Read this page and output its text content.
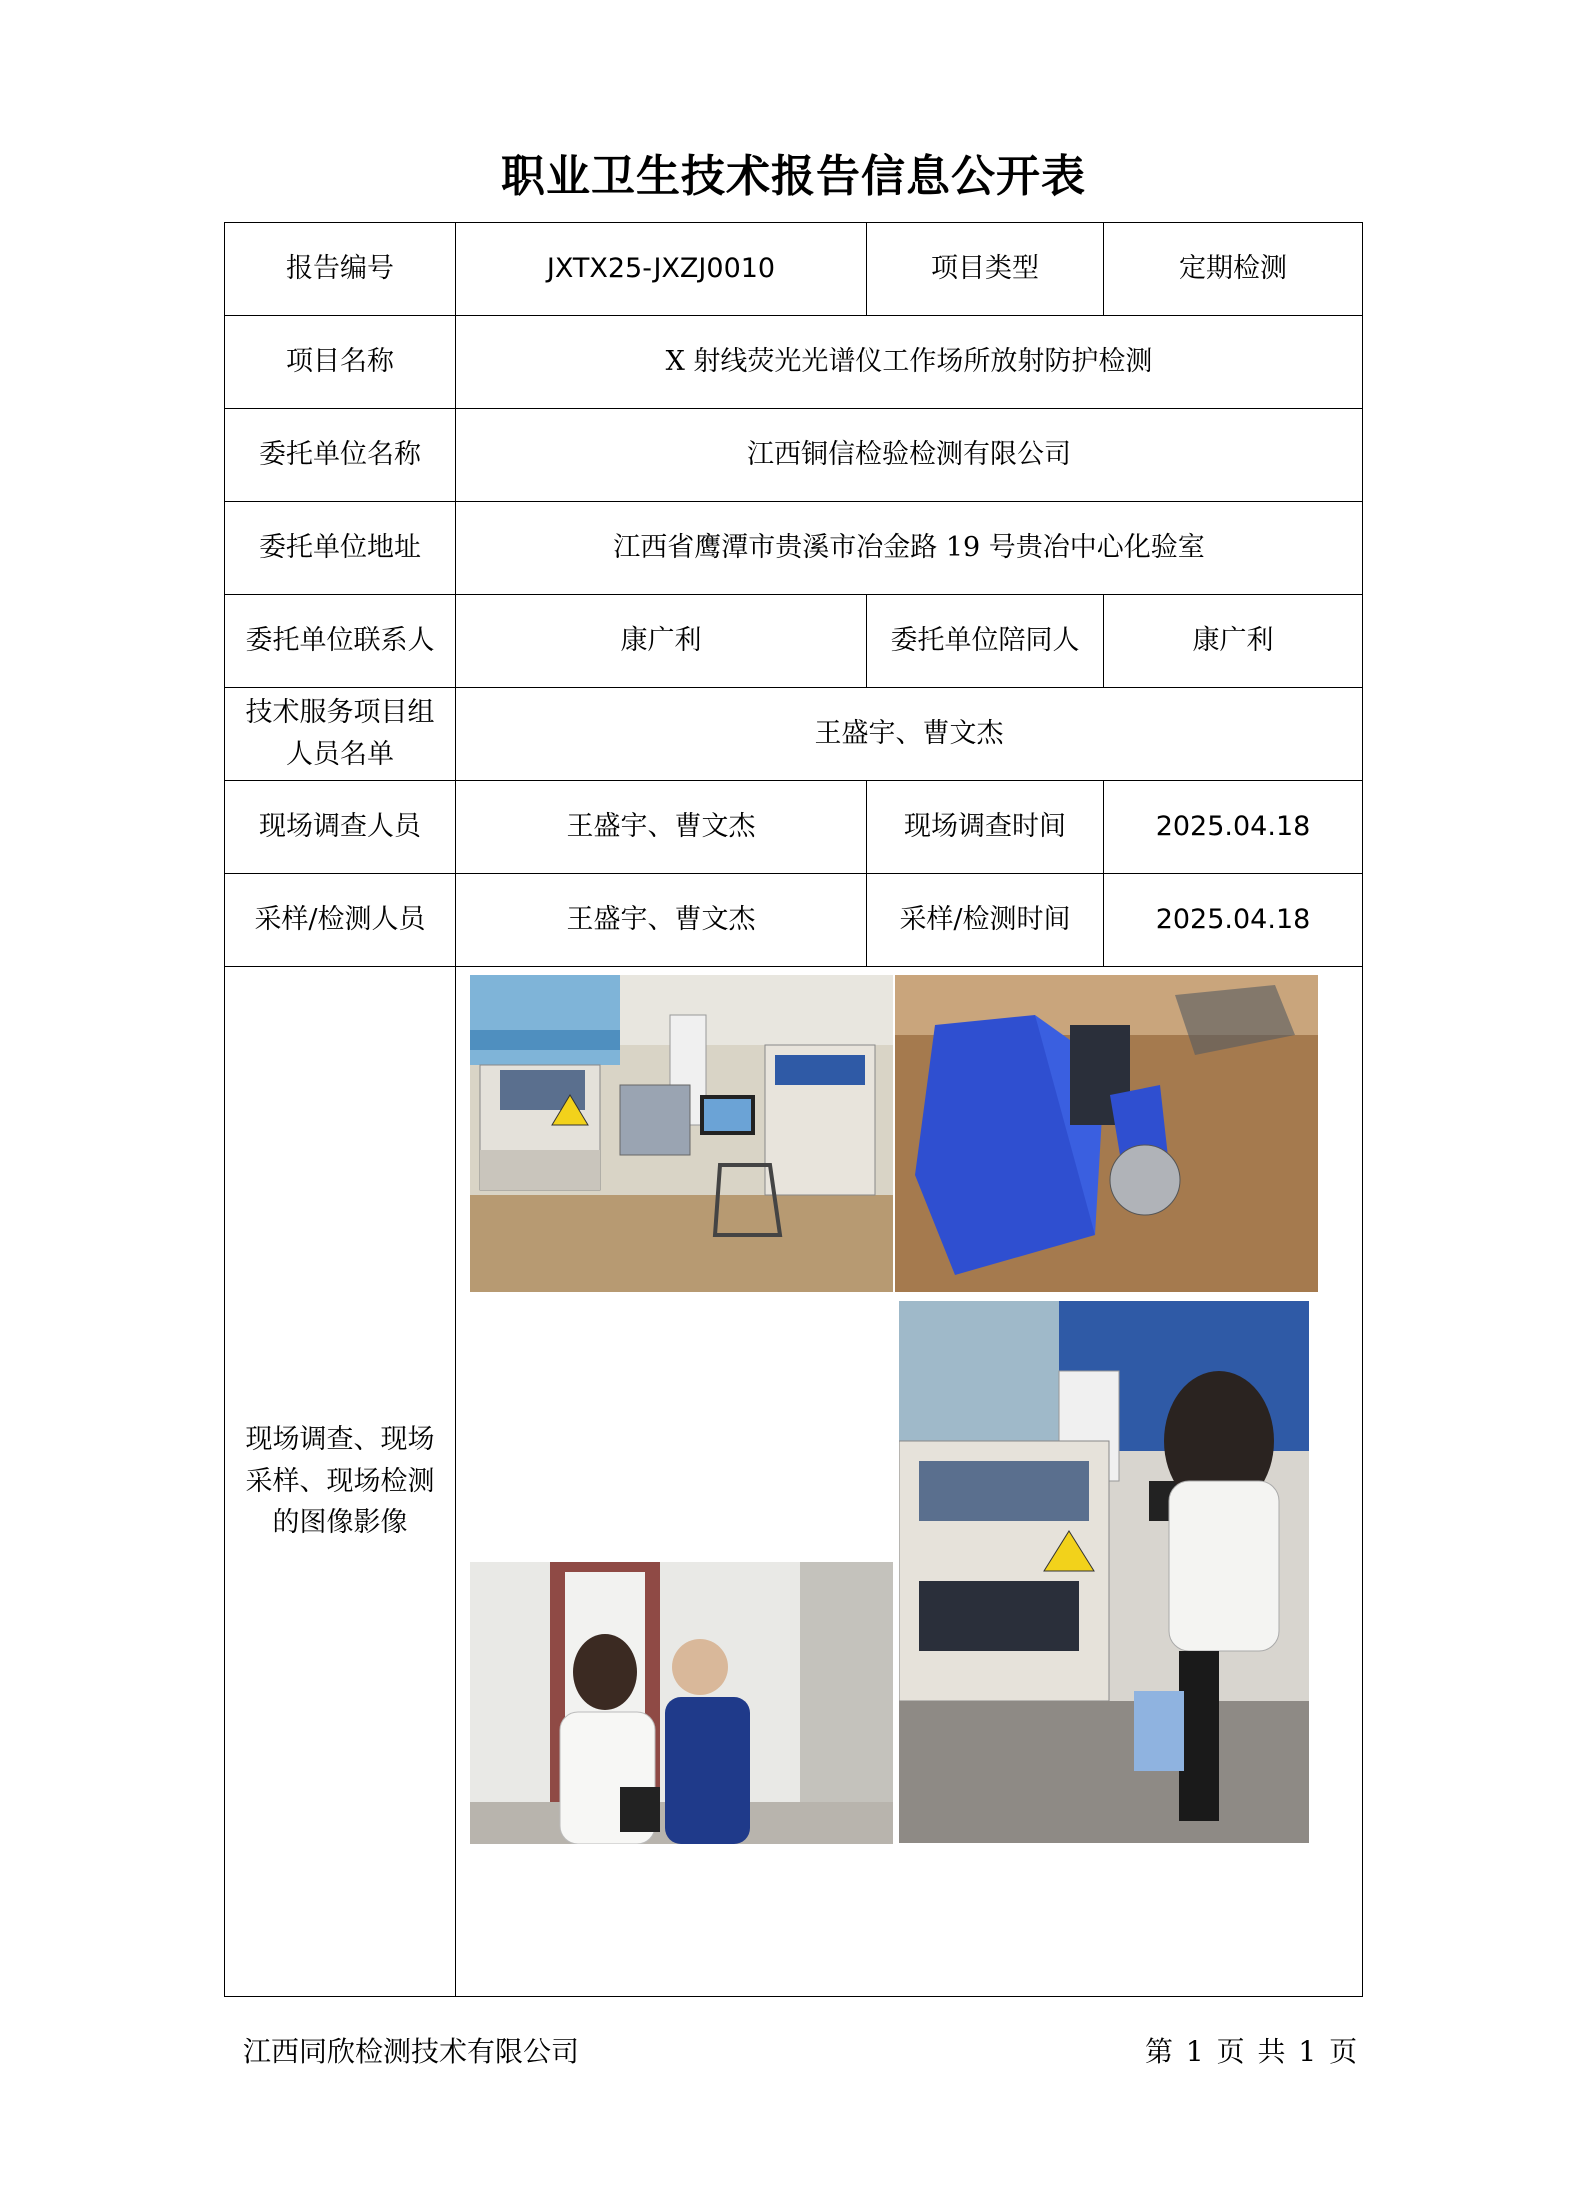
职业卫生技术报告信息公开表
报告编号	JXTX25-JXZJ0010	项目类型	定期检测
项目名称	X 射线荧光光谱仪工作场所放射防护检测		
委托单位名称	江西铜信检验检测有限公司		
委托单位地址	江西省鹰潭市贵溪市冶金路 19 号贵冶中心化验室		
委托单位联系人	康广利	委托单位陪同人	康广利
技术服务项目组
人员名单	王盛宇、曹文杰		
现场调查人员	王盛宇、曹文杰	现场调查时间	2025.04.18
采样/检测人员	王盛宇、曹文杰	采样/检测时间	2025.04.18
现场调查、现场
采样、现场检测
的图像影像	
江西同欣检测技术有限公司	第 1 页 共 1 页
